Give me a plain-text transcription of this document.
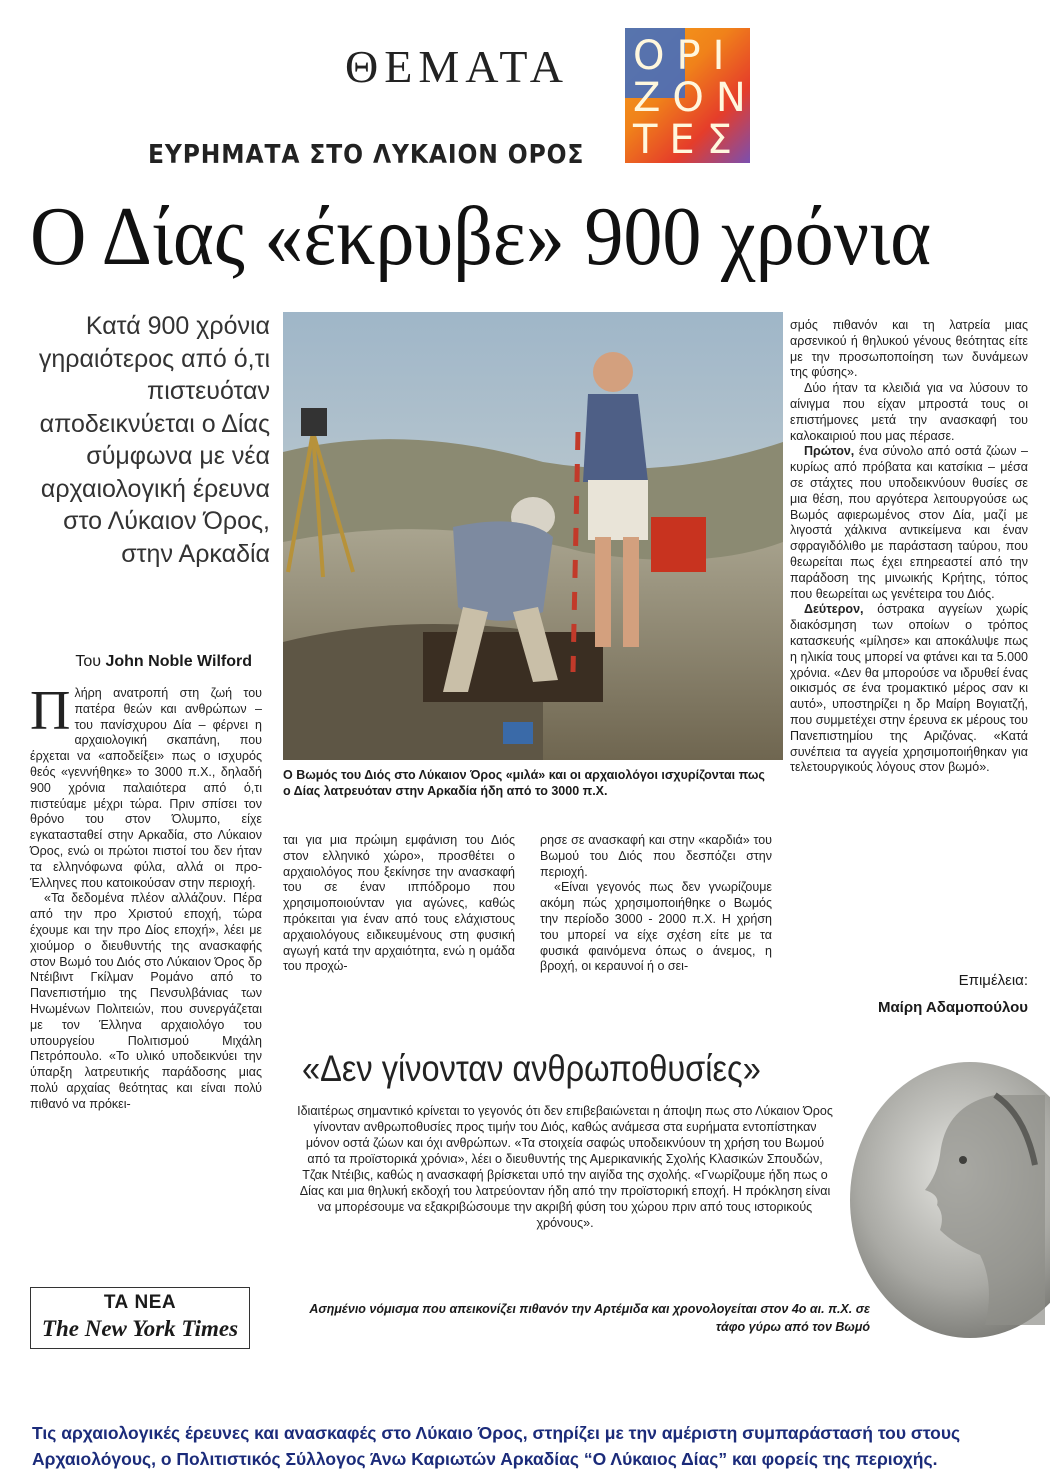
ΘΕΜΑΤΑ ΟΡΙ
ΖΟΝ
ΤΕΣ
ΕΥΡΗΜΑΤΑ ΣΤΟ ΛΥΚΑΙΟΝ ΟΡΟΣ
Ο Δίας «έκρυβε» 900 χρόνια
Κατά 900 χρόνια γηραιότερος από ό,τι πιστευόταν αποδεικνύεται ο Δίας σύμφωνα με νέα αρχαιολογική έρευνα στο Λύκαιον Όρος, στην Αρκαδία
Του John Noble Wilford

Πλήρη ανατροπή στη ζωή του πατέρα θεών και ανθρώπων – του πανίσχυρου Δία – φέρνει η αρχαιολογική σκαπάνη, που έρχεται να «αποδείξει» πως ο ισχυρός θεός «γεννήθηκε» το 3000 π.Χ., δηλαδή 900 χρόνια παλαιότερα από ό,τι πιστεύαμε μέχρι τώρα. Πριν σπίσει τον θρόνο του στον Όλυμπο, είχε εγκατασταθεί στην Αρκαδία, στο Λύκαιον Όρος, ενώ οι πρώτοι πιστοί του δεν ήταν τα ελληνόφωνα φύλα, αλλά οι προ-Έλληνες που κατοικούσαν στην περιοχή.

«Τα δεδομένα πλέον αλλάζουν. Πέρα από την προ Χριστού εποχή, τώρα έχουμε και την προ Δίος εποχή», λέει με χιούμορ ο διευθυντής της ανασκαφής στον Βωμό του Διός στο Λύκαιον Όρος δρ Ντέιβιντ Γκίλμαν Ρομάνο από το Πανεπιστήμιο της Πενσυλβάνιας των Ηνωμένων Πολιτειών, που συνεργάζεται με τον Έλληνα αρχαιολόγο του υπουργείου Πολιτισμού Μιχάλη Πετρόπουλο. «Το υλικό υποδεικνύει την ύπαρξη λατρευτικής παράδοσης μιας πολύ αρχαίας θεότητας και είναι πολύ πιθανό να πρόκει-

Ο Βωμός του Διός στο Λύκαιον Όρος «μιλά» και οι αρχαιολόγοι ισχυρίζονται πως ο Δίας λατρευόταν στην Αρκαδία ήδη από το 3000 π.Χ.

ται για μια πρώιμη εμφάνιση του Διός στον ελληνικό χώρο», προσθέτει ο αρχαιολόγος που ξεκίνησε την ανασκαφή του σε έναν ιππόδρομο που χρησιμοποιούνταν για αγώνες, καθώς πρόκειται για έναν από τους ελάχιστους αρχαιολόγους ειδικευμένους στη φυσική αγωγή κατά την αρχαιότητα, ενώ η ομάδα του προχώ-

ρησε σε ανασκαφή και στην «καρδιά» του Βωμού του Διός που δεσπόζει στην περιοχή.

«Είναι γεγονός πως δεν γνωρίζουμε ακόμη πώς χρησιμοποιήθηκε ο Βωμός την περίοδο 3000 - 2000 π.Χ. Η χρήση του μπορεί να είχε σχέση είτε με τα φυσικά φαινόμενα όπως ο άνεμος, η βροχή, οι κεραυνοί ή ο σει-

σμός πιθανόν και τη λατρεία μιας αρσενικού ή θηλυκού γένους θεότητας είτε με την προσωποποίηση των δυνάμεων της φύσης».

Δύο ήταν τα κλειδιά για να λύσουν το αίνιγμα που είχαν μπροστά τους οι επιστήμονες μετά την ανασκαφή του καλοκαιριού που μας πέρασε.

Πρώτον, ένα σύνολο από οστά ζώων – κυρίως από πρόβατα και κατσίκια – μέσα σε στάχτες που υποδεικνύουν θυσίες σε μια θέση, που αργότερα λειτουργούσε ως Βωμός αφιερωμένος στον Δία, μαζί με λιγοστά χάλκινα αντικείμενα και έναν σφραγιδόλιθο με παράσταση ταύρου, που θεωρείται πως έχει επηρεαστεί από την παράδοση της μινωικής Κρήτης, τόπος που θεωρείται ως γενέτειρα του Διός.

Δεύτερον, όστρακα αγγείων χωρίς διακόσμηση των οποίων ο τρόπος κατασκευής «μίλησε» και αποκάλυψε πως η ηλικία τους μπορεί να φτάνει και τα 5.000 χρόνια. «Δεν θα μπορούσε να ιδρυθεί ένας οικισμός σε ένα τρομακτικό μέρος σαν κι αυτό», υποστηρίζει η δρ Μαίρη Βογιατζή, που συμμετέχει στην έρευνα εκ μέρους του Πανεπιστημίου της Αριζόνας. «Κατά συνέπεια τα αγγεία χρησιμοποιήθηκαν για τελετουργικούς λόγους στον βωμό».

Επιμέλεια:
Μαίρη Αδαμοπούλου
«Δεν γίνονταν ανθρωποθυσίες»
Ιδιαιτέρως σημαντικό κρίνεται το γεγονός ότι δεν επιβεβαιώνεται η άποψη πως στο Λύκαιον Όρος γίνονταν ανθρωποθυσίες προς τιμήν του Διός, καθώς ανάμεσα στα ευρήματα εντοπίστηκαν μόνον οστά ζώων και όχι ανθρώπων. «Τα στοιχεία σαφώς υποδεικνύουν τη χρήση του Βωμού από τα προϊστορικά χρόνια», λέει ο διευθυντής της Αμερικανικής Σχολής Κλασικών Σπουδών, Τζακ Ντέιβις, καθώς η ανασκαφή βρίσκεται υπό την αιγίδα της σχολής. «Γνωρίζουμε ήδη πως ο Δίας και μια θηλυκή εκδοχή του λατρεύονταν ήδη από την προϊστορική εποχή. Η πρόκληση είναι να μπορέσουμε να εξακριβώσουμε την ακριβή φύση του χώρου πριν από τους ιστορικούς χρόνους».
Ασημένιο νόμισμα που απεικονίζει πιθανόν την Αρτέμιδα και χρονολογείται στον 4ο αι. π.Χ. σε τάφο γύρω από τον Βωμό
ΤΑ ΝΕΑ
The New York Times
Τις αρχαιολογικές έρευνες και ανασκαφές στο Λύκαιο Όρος, στηρίζει με την αμέριστη συμπαράστασή του στους Αρχαιολόγους, ο Πολιτιστικός Σύλλογος Άνω Καριωτών Αρκαδίας “Ο Λύκαιος Δίας” και φορείς της περιοχής.
